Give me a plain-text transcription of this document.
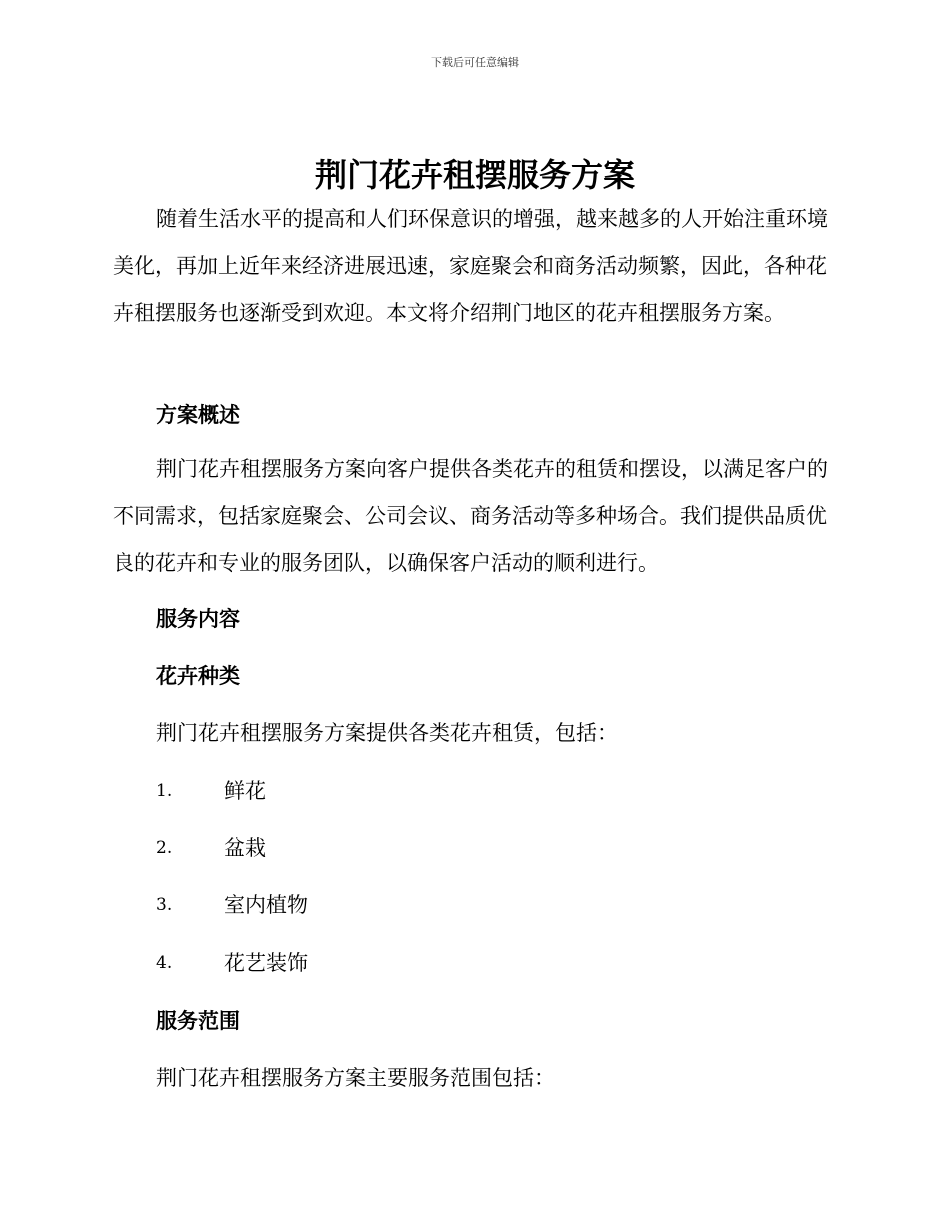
下载后可任意编辑
荆门花卉租摆服务方案

随着生活水平的提高和人们环保意识的增强，越来越多的人开始注重环境美化，再加上近年来经济进展迅速，家庭聚会和商务活动频繁，因此，各种花卉租摆服务也逐渐受到欢迎。本文将介绍荆门地区的花卉租摆服务方案。

方案概述

荆门花卉租摆服务方案向客户提供各类花卉的租赁和摆设，以满足客户的不同需求，包括家庭聚会、公司会议、商务活动等多种场合。我们提供品质优良的花卉和专业的服务团队，以确保客户活动的顺利进行。

服务内容
花卉种类

荆门花卉租摆服务方案提供各类花卉租赁，包括：

1. 鲜花
2. 盆栽
3. 室内植物
4. 花艺装饰
服务范围

荆门花卉租摆服务方案主要服务范围包括：
